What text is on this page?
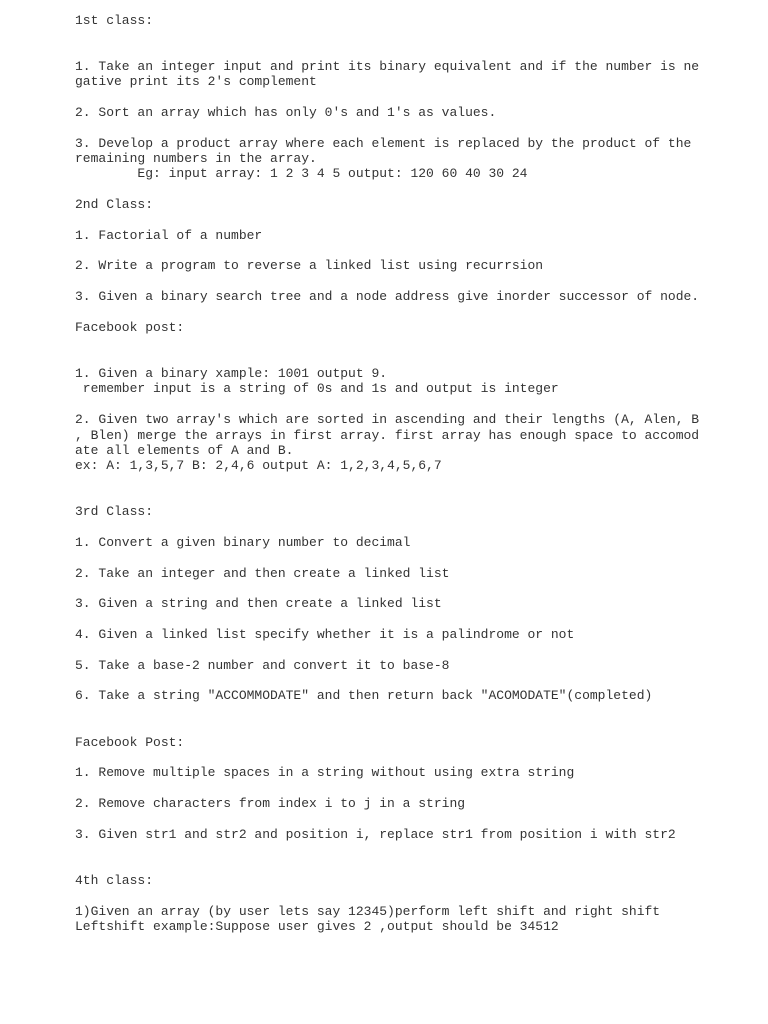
1st class:

1. Take an integer input and print its binary equivalent and if the number is ne

gative print its 2's complement

2. Sort an array which has only 0's and 1's as values.

3. Develop a product array where each element is replaced by the product of the

remaining numbers in the array.

Eg: input array: 1 2 3 4 5 output: 120 60 40 30 24

2nd Class:

1. Factorial of a number

2. Write a program to reverse a linked list using recurrsion

3. Given a binary search tree and a node address give inorder successor of node.

Facebook post:

1. Given a binary xample: 1001 output 9.

remember input is a string of 0s and 1s and output is integer

2. Given two array's which are sorted in ascending and their lengths (A, Alen, B

, Blen) merge the arrays in first array. first array has enough space to accomod

ate all elements of A and B.

ex: A: 1,3,5,7 B: 2,4,6 output A: 1,2,3,4,5,6,7

3rd Class:

1. Convert a given binary number to decimal

2. Take an integer and then create a linked list

3. Given a string and then create a linked list

4. Given a linked list specify whether it is a palindrome or not

5. Take a base-2 number and convert it to base-8

6. Take a string "ACCOMMODATE" and then return back "ACOMODATE"(completed)

Facebook Post:

1. Remove multiple spaces in a string without using extra string

2. Remove characters from index i to j in a string

3. Given str1 and str2 and position i, replace str1 from position i with str2

4th class:

1)Given an array (by user lets say 12345)perform left shift and right shift

Leftshift example:Suppose user gives 2 ,output should be 34512
